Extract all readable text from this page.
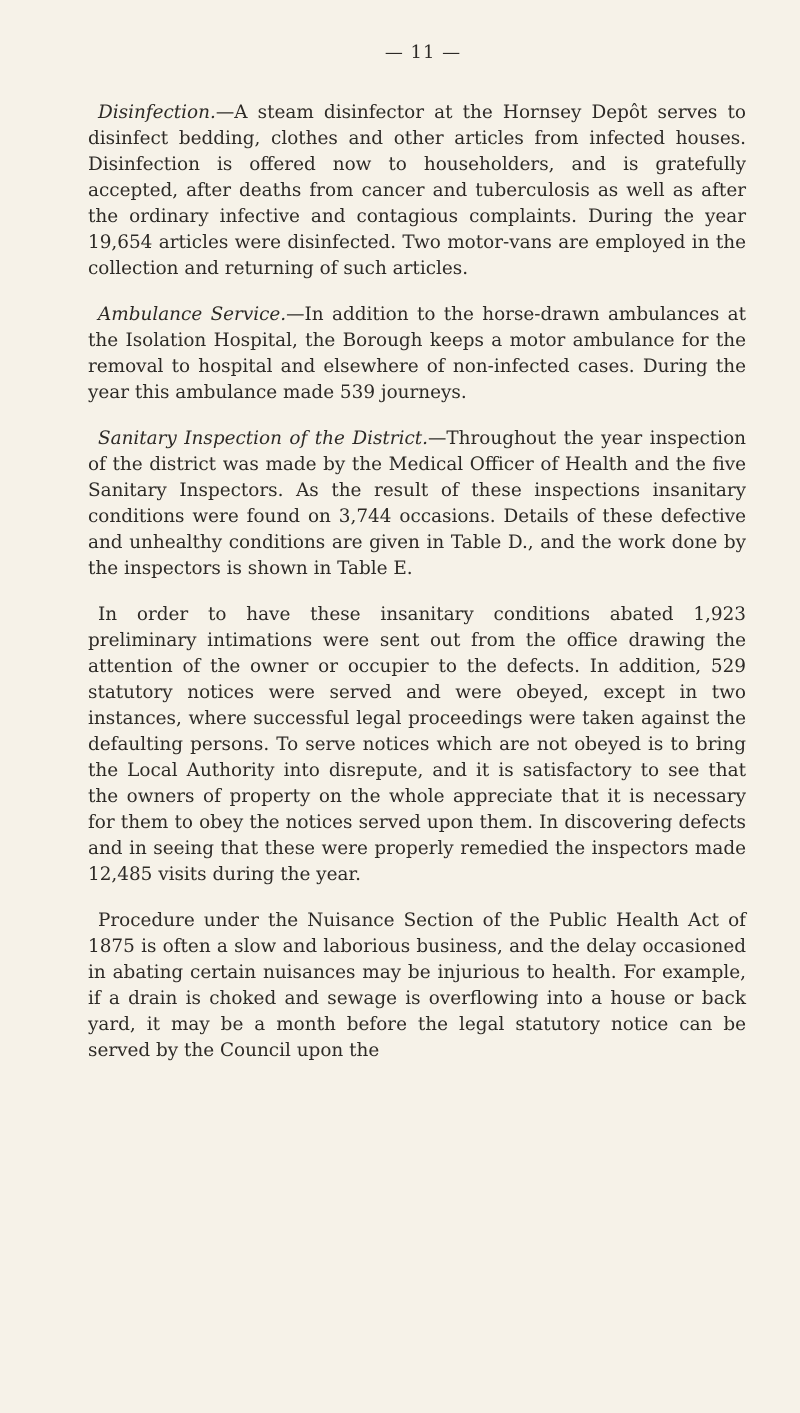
— 11 —

Disinfection.—A steam disinfector at the Hornsey Depôt serves to disinfect bedding, clothes and other articles from infected houses. Disinfection is offered now to householders, and is gratefully accepted, after deaths from cancer and tuberculosis as well as after the ordinary infective and contagious complaints. During the year 19,654 articles were disinfected. Two motor-vans are employed in the collection and returning of such articles.

Ambulance Service.—In addition to the horse-drawn ambulances at the Isolation Hospital, the Borough keeps a motor ambulance for the removal to hospital and elsewhere of non-infected cases. During the year this ambulance made 539 journeys.

Sanitary Inspection of the District.—Throughout the year inspection of the district was made by the Medical Officer of Health and the five Sanitary Inspectors. As the result of these inspections insanitary conditions were found on 3,744 occasions. Details of these defective and unhealthy conditions are given in Table D., and the work done by the inspectors is shown in Table E.

In order to have these insanitary conditions abated 1,923 preliminary intimations were sent out from the office drawing the attention of the owner or occupier to the defects. In addition, 529 statutory notices were served and were obeyed, except in two instances, where successful legal proceedings were taken against the defaulting persons. To serve notices which are not obeyed is to bring the Local Authority into disrepute, and it is satisfactory to see that the owners of property on the whole appreciate that it is necessary for them to obey the notices served upon them. In discovering defects and in seeing that these were properly remedied the inspectors made 12,485 visits during the year.

Procedure under the Nuisance Section of the Public Health Act of 1875 is often a slow and laborious business, and the delay occasioned in abating certain nuisances may be injurious to health. For example, if a drain is choked and sewage is overflowing into a house or back yard, it may be a month before the legal statutory notice can be served by the Council upon the
